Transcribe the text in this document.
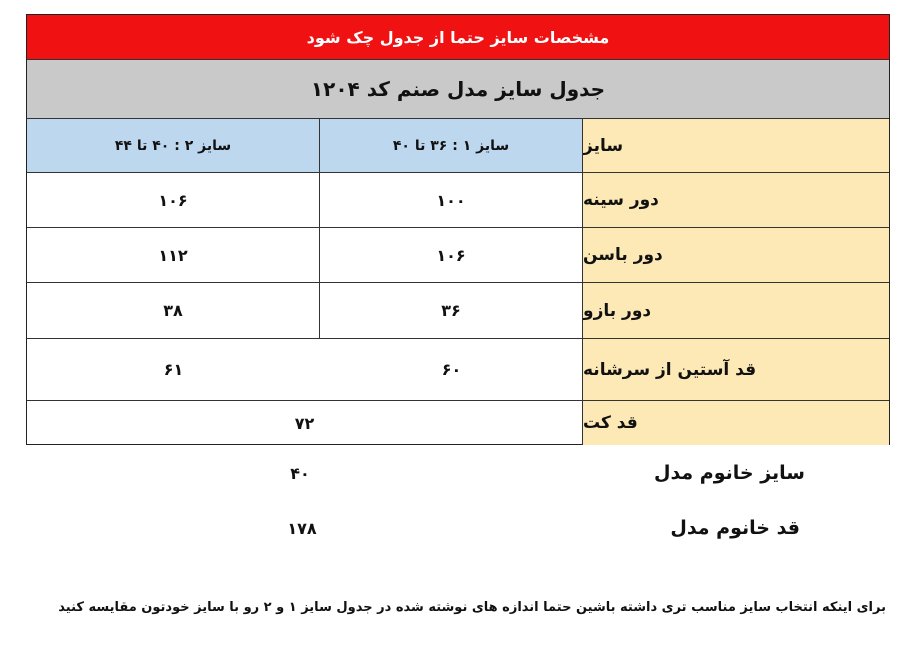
مشخصات سایز حتما از جدول چک شود
جدول سایز مدل صنم کد ۱۲۰۴
سایز
سایز ۱ : ۳۶ تا ۴۰
سایز ۲ : ۴۰ تا ۴۴
دور سینه
۱۰۰
۱۰۶
دور باسن
۱۰۶
۱۱۲
دور بازو
۳۶
۳۸
قد آستین از سرشانه
۶۰
۶۱
قد کت
۷۲
سایز خانوم مدل
۴۰
قد خانوم مدل
۱۷۸
برای اینکه انتخاب سایز مناسب تری داشته باشین حتما اندازه های نوشته شده در جدول سایز ۱ و ۲ رو با سایز خودتون مقایسه کنید
